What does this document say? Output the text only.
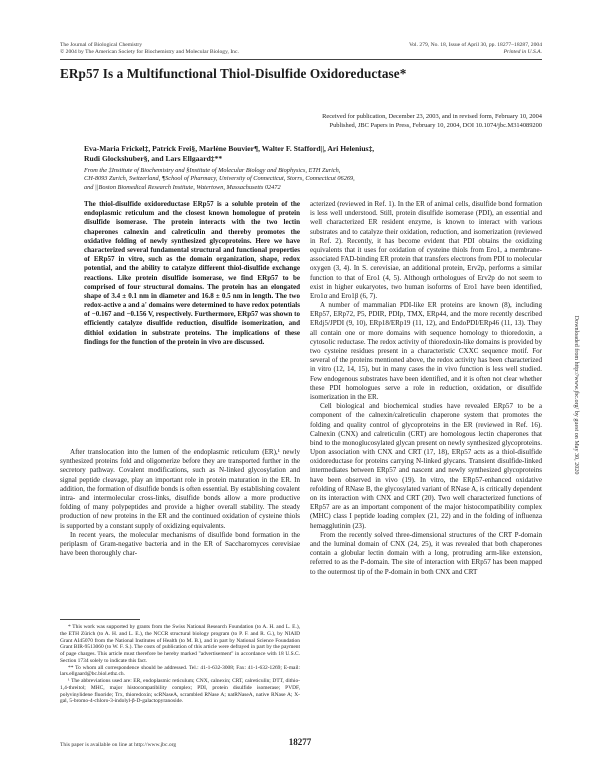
The Journal of Biological Chemistry
© 2004 by The American Society for Biochemistry and Molecular Biology, Inc.
Vol. 279, No. 18, Issue of April 30, pp. 18277–18287, 2004
Printed in U.S.A.
ERp57 Is a Multifunctional Thiol-Disulfide Oxidoreductase*
Received for publication, December 23, 2003, and in revised form, February 10, 2004
Published, JBC Papers in Press, February 10, 2004, DOI 10.1074/jbc.M314089200
Eva-Maria Frickel‡, Patrick Frei§, Marlène Bouvier¶, Walter F. Stafford||, Ari Helenius‡,
Rudi Glockshuber§, and Lars Ellgaard‡**
From the ‡Institute of Biochemistry and §Institute of Molecular Biology and Biophysics, ETH Zurich,
CH-8093 Zurich, Switzerland, ¶School of Pharmacy, University of Connecticut, Storrs, Connecticut 06269,
and ||Boston Biomedical Research Institute, Watertown, Massachusetts 02472
The thiol-disulfide oxidoreductase ERp57 is a soluble protein of the endoplasmic reticulum and the closest known homologue of protein disulfide isomerase. The protein interacts with the two lectin chaperones calnexin and calreticulin and thereby promotes the oxidative folding of newly synthesized glycoproteins. Here we have characterized several fundamental structural and functional properties of ERp57 in vitro, such as the domain organization, shape, redox potential, and the ability to catalyze different thiol-disulfide exchange reactions. Like protein disulfide isomerase, we find ERp57 to be comprised of four structural domains. The protein has an elongated shape of 3.4 ± 0.1 nm in diameter and 16.8 ± 0.5 nm in length. The two redox-active a and a' domains were determined to have redox potentials of −0.167 and −0.156 V, respectively. Furthermore, ERp57 was shown to efficiently catalyze disulfide reduction, disulfide isomerization, and dithiol oxidation in substrate proteins. The implications of these findings for the function of the protein in vivo are discussed.

After translocation into the lumen of the endoplasmic reticulum (ER),¹ newly synthesized proteins fold and oligomerize before they are transported further in the secretory pathway. Covalent modifications, such as N-linked glycosylation and signal peptide cleavage, play an important role in protein maturation in the ER. In addition, the formation of disulfide bonds is often essential. By establishing covalent intra- and intermolecular cross-links, disulfide bonds allow a more productive folding of many polypeptides and provide a higher overall stability. The steady production of new proteins in the ER and the continued oxidation of cysteine thiols is supported by a constant supply of oxidizing equivalents.

In recent years, the molecular mechanisms of disulfide bond formation in the periplasm of Gram-negative bacteria and in the ER of Saccharomyces cerevisiae have been thoroughly char-

* This work was supported by grants from the Swiss National Research Foundation (to A. H. and L. E.), the ETH Zürich (to A. H. and L. E.), the NCCR structural biology program (to P. F. and R. G.), by NIAID Grant AI45070 from the National Institutes of Health (to M. B.), and in part by National Science Foundation Grant BIR-9513060 (to W. F. S.). The costs of publication of this article were defrayed in part by the payment of page charges. This article must therefore be hereby marked "advertisement" in accordance with 18 U.S.C. Section 1734 solely to indicate this fact.

** To whom all correspondence should be addressed. Tel.: 41-1-632-3008; Fax: 41-1-632-1269; E-mail: lars.ellgaard@bc.biol.ethz.ch.

¹ The abbreviations used are: ER, endoplasmic reticulum; CNX, calnexin; CRT, calreticulin; DTT, dithio-1,4-threitol; MHC, major histocompatibility complex; PDI, protein disulfide isomerase; PVDF, polyvinylidene fluoride; Trx, thioredoxin; scRNaseA, scrambled RNase A; natRNaseA, native RNase A; X-gal, 5-bromo-4-chloro-3-indolyl-β-D-galactopyranoside.

acterized (reviewed in Ref. 1). In the ER of animal cells, disulfide bond formation is less well understood. Still, protein disulfide isomerase (PDI), an essential and well characterized ER resident enzyme, is known to interact with various substrates and to catalyze their oxidation, reduction, and isomerization (reviewed in Ref. 2). Recently, it has become evident that PDI obtains the oxidizing equivalents that it uses for oxidation of cysteine thiols from Ero1, a membrane-associated FAD-binding ER protein that transfers electrons from PDI to molecular oxygen (3, 4). In S. cerevisiae, an additional protein, Erv2p, performs a similar function to that of Ero1 (4, 5). Although orthologues of Erv2p do not seem to exist in higher eukaryotes, two human isoforms of Ero1 have been identified, Ero1α and Ero1β (6, 7).

A number of mammalian PDI-like ER proteins are known (8), including ERp57, ERp72, P5, PDIR, PDIp, TMX, ERp44, and the more recently described ERdj5/JPDI (9, 10), ERp18/ERp19 (11, 12), and EndoPDI/ERp46 (11, 13). They all contain one or more domains with sequence homology to thioredoxin, a cytosolic reductase. The redox activity of thioredoxin-like domains is provided by two cysteine residues present in a characteristic CXXC sequence motif. For several of the proteins mentioned above, the redox activity has been characterized in vitro (12, 14, 15), but in many cases the in vivo function is less well studied. Few endogenous substrates have been identified, and it is often not clear whether these PDI homologues serve a role in reduction, oxidation, or disulfide isomerization in the ER.

Cell biological and biochemical studies have revealed ERp57 to be a component of the calnexin/calreticulin chaperone system that promotes the folding and quality control of glycoproteins in the ER (reviewed in Ref. 16). Calnexin (CNX) and calreticulin (CRT) are homologous lectin chaperones that bind to the monoglucosylated glycan present on newly synthesized glycoproteins. Upon association with CNX and CRT (17, 18), ERp57 acts as a thiol-disulfide oxidoreductase for proteins carrying N-linked glycans. Transient disulfide-linked intermediates between ERp57 and nascent and newly synthesized glycoproteins have been observed in vivo (19). In vitro, the ERp57-enhanced oxidative refolding of RNase B, the glycosylated variant of RNase A, is critically dependent on its interaction with CNX and CRT (20). Two well characterized functions of ERp57 are as an important component of the major histocompatibility complex (MHC) class I peptide loading complex (21, 22) and in the folding of influenza hemagglutinin (23).

From the recently solved three-dimensional structures of the CRT P-domain and the luminal domain of CNX (24, 25), it was revealed that both chaperones contain a globular lectin domain with a long, protruding arm-like extension, referred to as the P-domain. The site of interaction with ERp57 has been mapped to the outermost tip of the P-domain in both CNX and CRT

This paper is available on line at http://www.jbc.org	18277
Downloaded from http://www.jbc.org/ by guest on May 30, 2020
